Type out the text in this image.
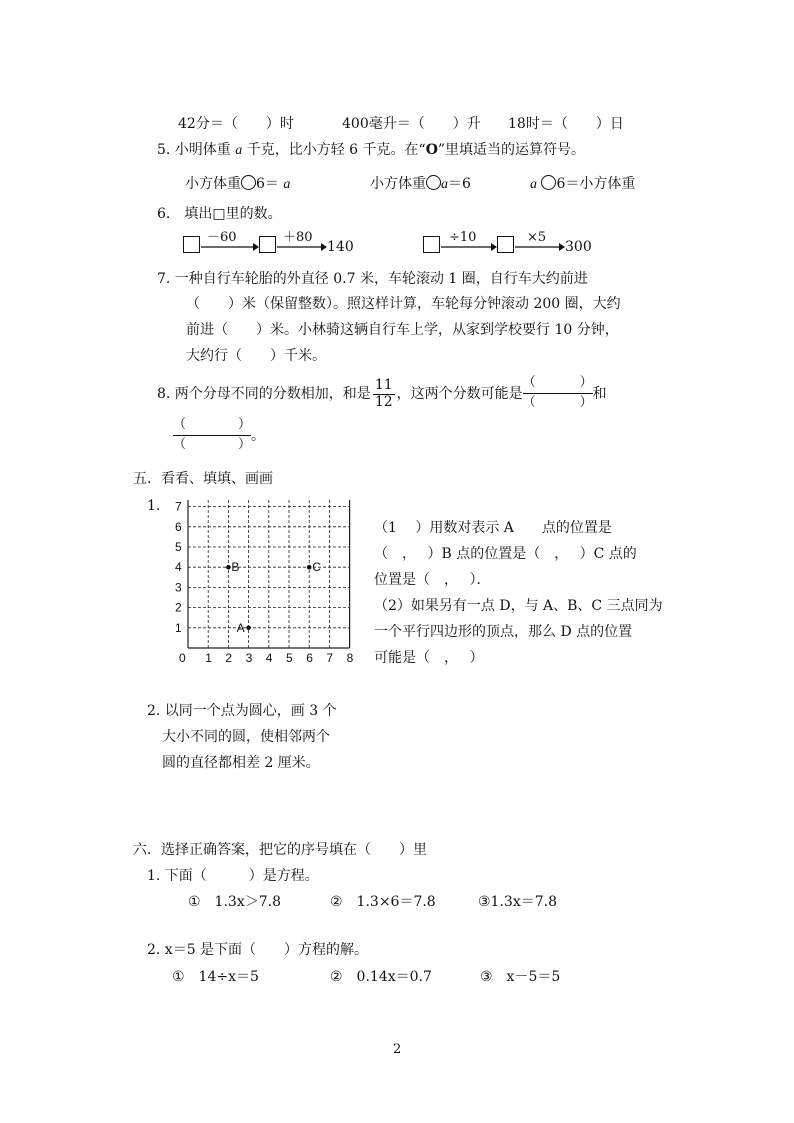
42分＝（　　）时	400毫升＝（　　）升 18时＝（　　）日
5. 小明体重 a 千克，比小方轻 6 千克。在“O”里填适当的运算符号。
小方体重 6＝ a	小方体重 a＝6	a 6＝小方体重
6.　填出□里的数。
－60	＋80
140
÷10	×5
300
7. 一种自行车轮胎的外直径 0.7 米，车轮滚动 1 圈，自行车大约前进
（　　）米（保留整数）。照这样计算，车轮每分钟滚动 200 圈，大约
前进（　　）米。小林骑这辆自行车上学，从家到学校要行 10 分钟，
大约行（　　）千米。
8. 两个分母不同的分数相加，和是 $\frac{11}{12}$ ，这两个分数可能是
（	）
（	）
和
（	）
（	）
。
五．看看、填填、画画
1.
0 1 2 3 4 5 6 7 8
1
2
3
4
5
6
7
A
B	C
（1　 ）用数对表示 A　　点的位置是
（　，　 ）B 点的位置是（　，　 ）C 点的
位置是（　，　 ）．
（2）如果另有一点 D，与 A、B、C 三点同为
一个平行四边形的顶点，那么 D 点的位置
可能是（　，　 ）
2. 以同一个点为圆心，画 3 个
大小不同的圆，使相邻两个
圆的直径都相差 2 厘米。
六．选择正确答案，把它的序号填在（　　）里
1. 下面（　　　）是方程。
①　1.3x＞7.8	②　1.3×6＝7.8	③1.3x＝7.8
2. x＝5 是下面（　　）方程的解。
①　14÷x＝5	②　0.14x＝0.7	③　x－5＝5
2
